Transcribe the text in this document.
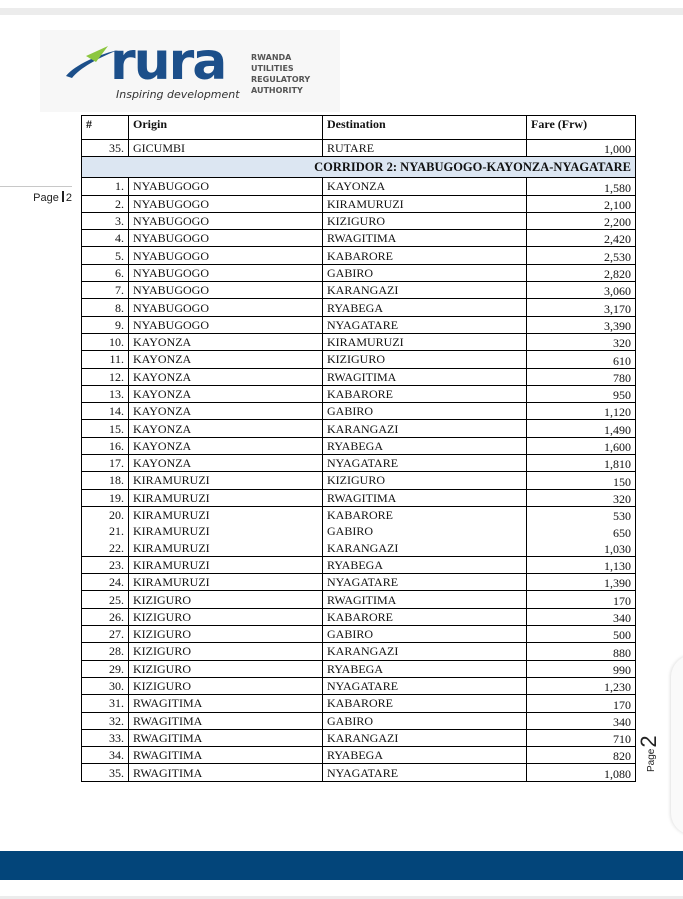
rura
Inspiring development
RWANDA
UTILITIES
REGULATORY
AUTHORITY
Page 2
#	Origin	Destination	Fare (Frw)
35.	GICUMBI	RUTARE	1,000
CORRIDOR 2: NYABUGOGO-KAYONZA-NYAGATARE			
1.	NYABUGOGO	KAYONZA	1,580
2.	NYABUGOGO	KIRAMURUZI	2,100
3.	NYABUGOGO	KIZIGURO	2,200
4.	NYABUGOGO	RWAGITIMA	2,420
5.	NYABUGOGO	KABARORE	2,530
6.	NYABUGOGO	GABIRO	2,820
7.	NYABUGOGO	KARANGAZI	3,060
8.	NYABUGOGO	RYABEGA	3,170
9.	NYABUGOGO	NYAGATARE	3,390
10.	KAYONZA	KIRAMURUZI	320
11.	KAYONZA	KIZIGURO	610
12.	KAYONZA	RWAGITIMA	780
13.	KAYONZA	KABARORE	950
14.	KAYONZA	GABIRO	1,120
15.	KAYONZA	KARANGAZI	1,490
16.	KAYONZA	RYABEGA	1,600
17.	KAYONZA	NYAGATARE	1,810
18.	KIRAMURUZI	KIZIGURO	150
19.	KIRAMURUZI	RWAGITIMA	320
20.	KIRAMURUZI	KABARORE	530
21.	KIRAMURUZI	GABIRO	650
22.	KIRAMURUZI	KARANGAZI	1,030
23.	KIRAMURUZI	RYABEGA	1,130
24.	KIRAMURUZI	NYAGATARE	1,390
25.	KIZIGURO	RWAGITIMA	170
26.	KIZIGURO	KABARORE	340
27.	KIZIGURO	GABIRO	500
28.	KIZIGURO	KARANGAZI	880
29.	KIZIGURO	RYABEGA	990
30.	KIZIGURO	NYAGATARE	1,230
31.	RWAGITIMA	KABARORE	170
32.	RWAGITIMA	GABIRO	340
33.	RWAGITIMA	KARANGAZI	710
34.	RWAGITIMA	RYABEGA	820
35.	RWAGITIMA	NYAGATARE	1,080
Page2
